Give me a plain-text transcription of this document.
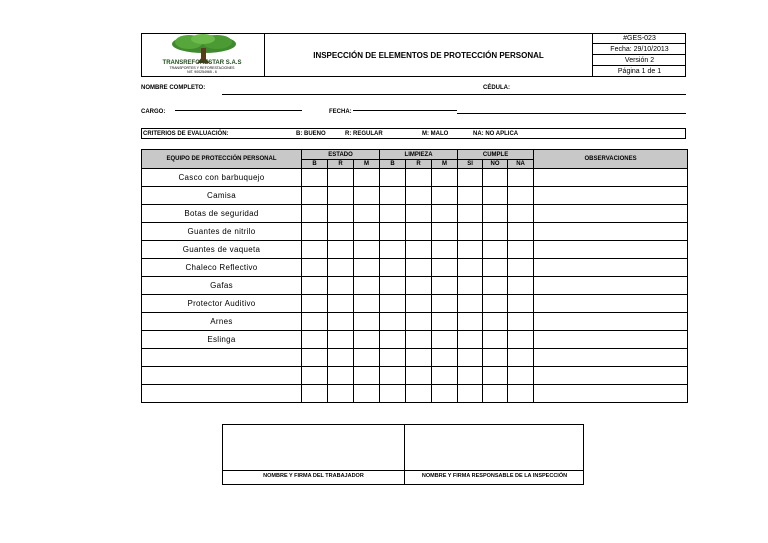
TRANSREFORESTAR S.A.S
TRANSPORTES Y REFORESTACIONES
NIT. 900254965 - 6
INSPECCIÓN DE ELEMENTOS DE PROTECCIÓN PERSONAL
#GES-023
Fecha: 29/10/2013
Versión 2
Página 1 de 1
NOMBRE COMPLETO:	CÉDULA:
CARGO:	FECHA:
CRITERIOS DE EVALUACIÓN:	B: BUENO	R: REGULAR	M: MALO	NA: NO APLICA
EQUIPO DE PROTECCIÓN PERSONAL	ESTADO			LIMPIEZA			CUMPLE			OBSERVACIONES
	B	R	M	B	R	M	SI	NO	NA	
Casco con barbuquejo										
Camisa										
Botas de seguridad										
Guantes de nitrilo										
Guantes de vaqueta										
Chaleco Reflectivo										
Gafas										
Protector Auditivo										
Arnes										
Eslinga										

NOMBRE Y FIRMA DEL TRABAJADOR	NOMBRE Y FIRMA RESPONSABLE DE LA INSPECCIÓN
